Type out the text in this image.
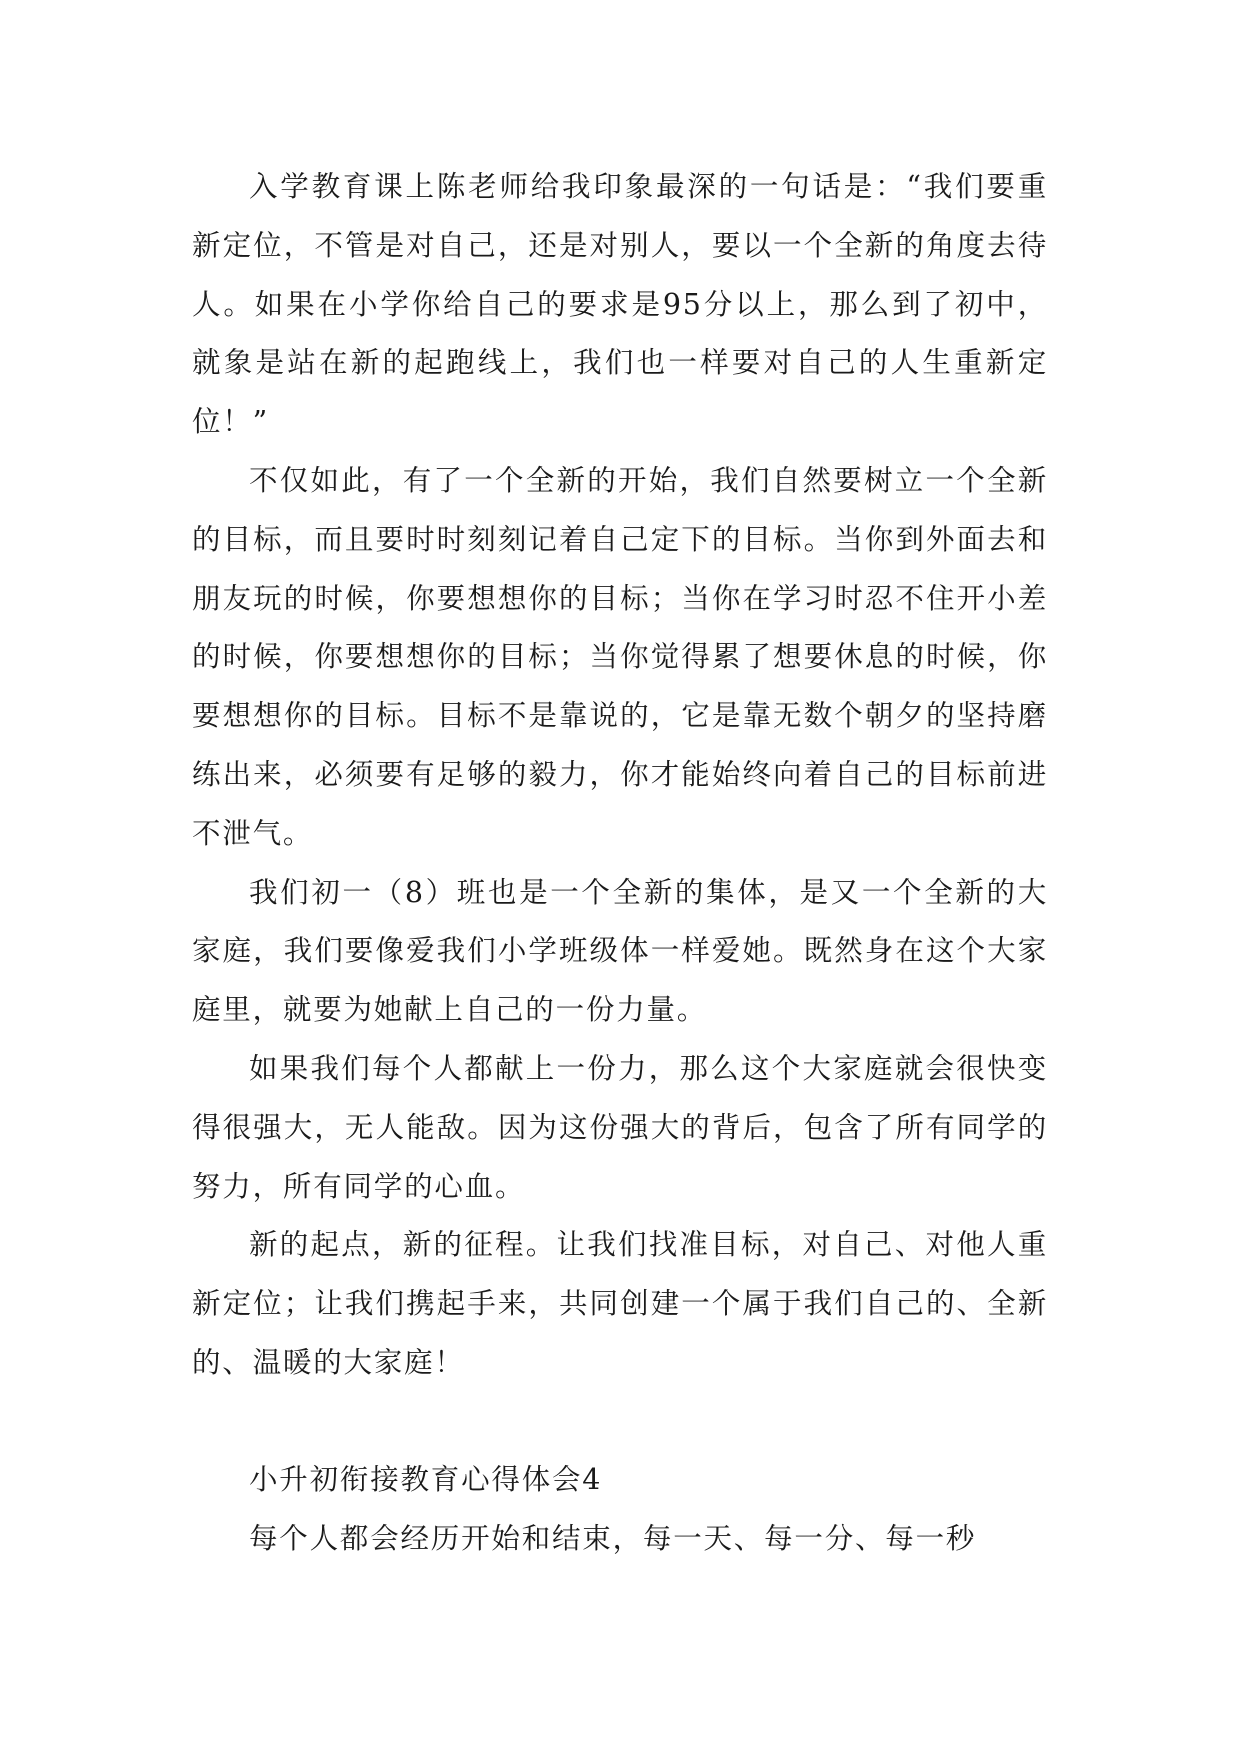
入学教育课上陈老师给我印象最深的一句话是：“我们要重新定位，不管是对自己，还是对别人，要以一个全新的角度去待人。如果在小学你给自己的要求是95分以上，那么到了初中，就象是站在新的起跑线上，我们也一样要对自己的人生重新定位！”

不仅如此，有了一个全新的开始，我们自然要树立一个全新的目标，而且要时时刻刻记着自己定下的目标。当你到外面去和朋友玩的时候，你要想想你的目标；当你在学习时忍不住开小差的时候，你要想想你的目标；当你觉得累了想要休息的时候，你要想想你的目标。目标不是靠说的，它是靠无数个朝夕的坚持磨练出来，必须要有足够的毅力，你才能始终向着自己的目标前进不泄气。

我们初一（8）班也是一个全新的集体，是又一个全新的大家庭，我们要像爱我们小学班级体一样爱她。既然身在这个大家庭里，就要为她献上自己的一份力量。

如果我们每个人都献上一份力，那么这个大家庭就会很快变得很强大，无人能敌。因为这份强大的背后，包含了所有同学的努力，所有同学的心血。

新的起点，新的征程。让我们找准目标，对自己、对他人重新定位；让我们携起手来，共同创建一个属于我们自己的、全新的、温暖的大家庭！

小升初衔接教育心得体会4

每个人都会经历开始和结束，每一天、每一分、每一秒
